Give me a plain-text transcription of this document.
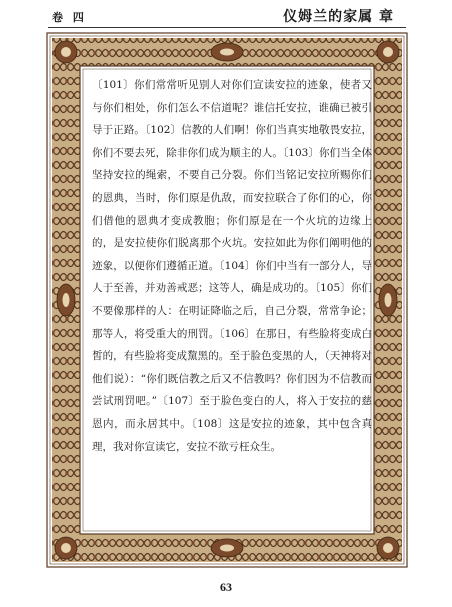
卷 四	仪姆兰的家属 章

〔101〕你们常常听见别人对你们宣读安拉的迹象，使者又与你们相处，你们怎么不信道呢？谁信托安拉，谁确已被引导于正路。〔102〕信教的人们啊！你们当真实地敬畏安拉，你们不要去死，除非你们成为顺主的人。〔103〕你们当全体坚持安拉的绳索，不要自己分裂。你们当铭记安拉所赐你们的恩典，当时，你们原是仇敌，而安拉联合了你们的心，你们借他的恩典才变成教胞；你们原是在一个火坑的边缘上的，是安拉使你们脱离那个火坑。安拉如此为你们阐明他的迹象，以便你们遵循正道。〔104〕你们中当有一部分人，导人于至善，并劝善戒恶；这等人，确是成功的。〔105〕你们不要像那样的人：在明证降临之后，自己分裂，常常争论；那等人，将受重大的刑罚。〔106〕在那日，有些脸将变成白皙的，有些脸将变成黧黑的。至于脸色变黑的人，（天神将对他们说）：“你们既信教之后又不信教吗？你们因为不信教而尝试刑罚吧。”〔107〕至于脸色变白的人，将入于安拉的慈恩内，而永居其中。〔108〕这是安拉的迹象，其中包含真理，我对你宣读它，安拉不欲亏枉众生。

63
